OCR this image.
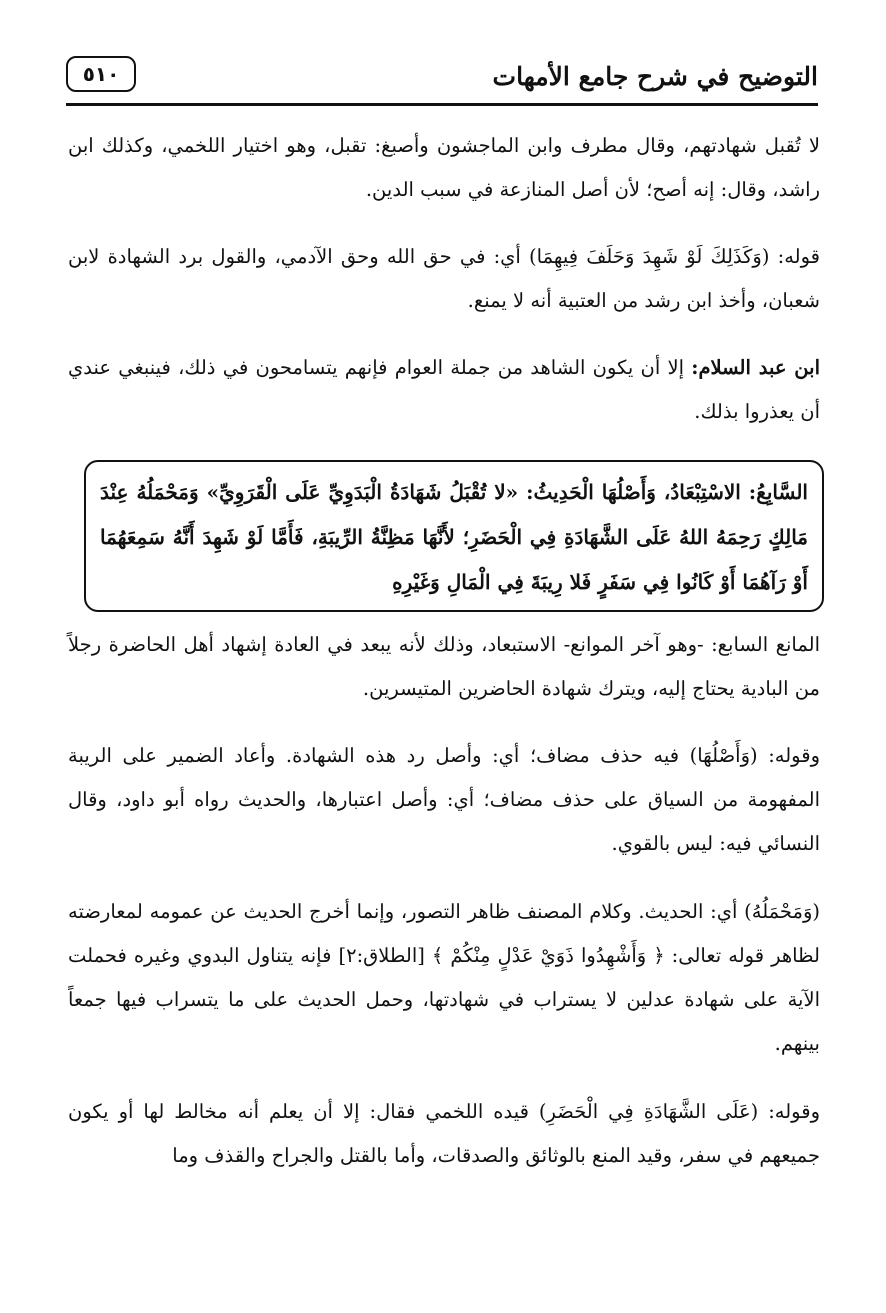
التوضيح في شرح جامع الأمهات
٥١٠
لا تُقبل شهادتهم، وقال مطرف وابن الماجشون وأصبغ: تقبل، وهو اختيار اللخمي، وكذلك ابن راشد، وقال: إنه أصح؛ لأن أصل المنازعة في سبب الدين.
قوله: (وَكَذَلِكَ لَوْ شَهِدَ وَحَلَفَ فِيهِمَا) أي: في حق الله وحق الآدمي، والقول برد الشهادة لابن شعبان، وأخذ ابن رشد من العتبية أنه لا يمنع.
ابن عبد السلام: إلا أن يكون الشاهد من جملة العوام فإنهم يتسامحون في ذلك، فينبغي عندي أن يعذروا بذلك.
السَّابِعُ: الاسْتِبْعَادُ، وَأَصْلُهَا الْحَدِيثُ: «لا تُقْبَلُ شَهَادَةُ الْبَدَوِيِّ عَلَى الْقَرَوِيِّ» وَمَحْمَلُهُ عِنْدَ مَالِكٍ رَحِمَهُ اللهُ عَلَى الشَّهَادَةِ فِي الْحَضَرِ؛ لأَنَّهَا مَظِنَّةُ الرِّيبَةِ، فَأَمَّا لَوْ شَهِدَ أَنَّهُ سَمِعَهُمَا أَوْ رَآهُمَا أَوْ كَانُوا فِي سَفَرٍ فَلا رِيبَةَ فِي الْمَالِ وَغَيْرِهِ
المانع السابع: -وهو آخر الموانع- الاستبعاد، وذلك لأنه يبعد في العادة إشهاد أهل الحاضرة رجلاً من البادية يحتاج إليه، ويترك شهادة الحاضرين المتيسرين.
وقوله: (وَأَصْلُهَا) فيه حذف مضاف؛ أي: وأصل رد هذه الشهادة. وأعاد الضمير على الريبة المفهومة من السياق على حذف مضاف؛ أي: وأصل اعتبارها، والحديث رواه أبو داود، وقال النسائي فيه: ليس بالقوي.
(وَمَحْمَلُهُ) أي: الحديث. وكلام المصنف ظاهر التصور، وإنما أخرج الحديث عن عمومه لمعارضته لظاهر قوله تعالى: ﴿ وَأَشْهِدُوا ذَوَيْ عَدْلٍ مِنْكُمْ ﴾ [الطلاق:٢] فإنه يتناول البدوي وغيره فحملت الآية على شهادة عدلين لا يستراب في شهادتها، وحمل الحديث على ما يتسراب فيها جمعاً بينهم.
وقوله: (عَلَى الشَّهَادَةِ فِي الْحَضَرِ) قيده اللخمي فقال: إلا أن يعلم أنه مخالط لها أو يكون جميعهم في سفر، وقيد المنع بالوثائق والصدقات، وأما بالقتل والجراح والقذف وما
